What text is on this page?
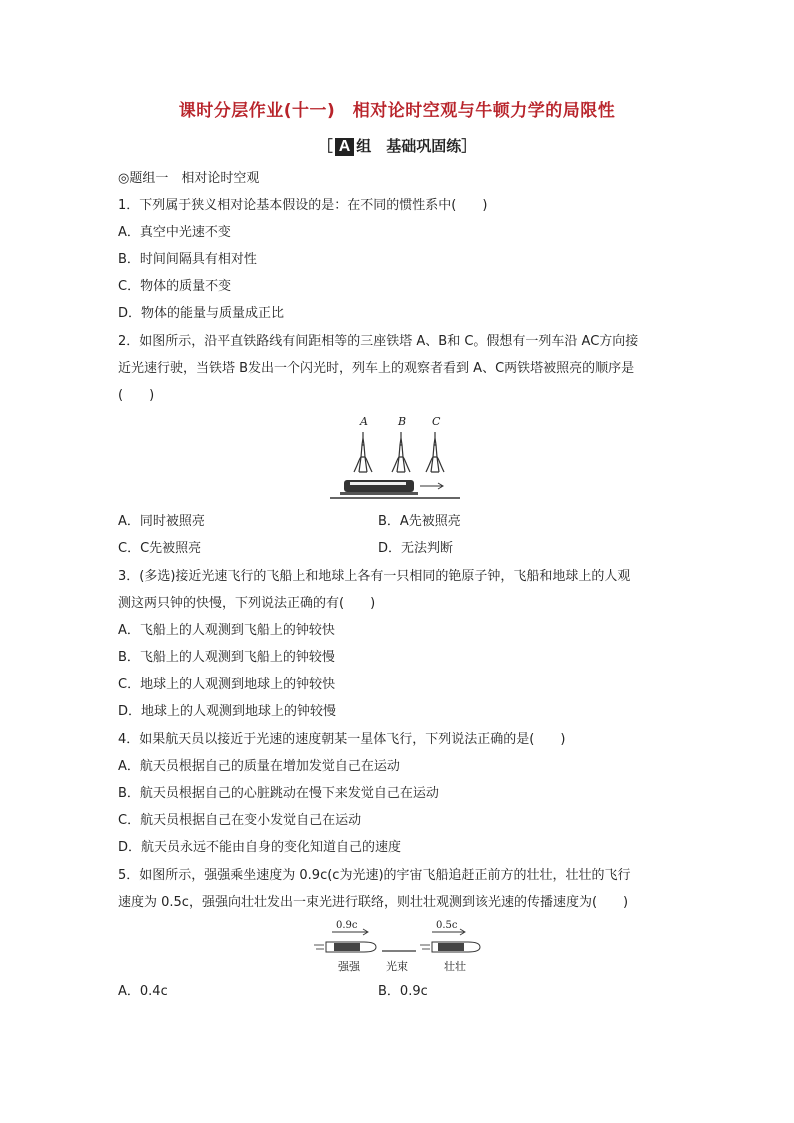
课时分层作业(十一)　相对论时空观与牛顿力学的局限性
［ A 组　基础巩固练］
◎题组一　相对论时空观
1．下列属于狭义相对论基本假设的是：在不同的惯性系中(　　)
A．真空中光速不变
B．时间间隔具有相对性
C．物体的质量不变
D．物体的能量与质量成正比
2．如图所示，沿平直铁路线有间距相等的三座铁塔 A、B和 C。假想有一列车沿 AC方向接
近光速行驶，当铁塔 B发出一个闪光时，列车上的观察者看到 A、C两铁塔被照亮的顺序是
(　　)
A	B C
A．同时被照亮	B．A先被照亮
C．C先被照亮	D．无法判断
3．(多选)接近光速飞行的飞船上和地球上各有一只相同的铯原子钟，飞船和地球上的人观
测这两只钟的快慢，下列说法正确的有(　　)
A．飞船上的人观测到飞船上的钟较快
B．飞船上的人观测到飞船上的钟较慢
C．地球上的人观测到地球上的钟较快
D．地球上的人观测到地球上的钟较慢
4．如果航天员以接近于光速的速度朝某一星体飞行，下列说法正确的是(　　)
A．航天员根据自己的质量在增加发觉自己在运动
B．航天员根据自己的心脏跳动在慢下来发觉自己在运动
C．航天员根据自己在变小发觉自己在运动
D．航天员永远不能由自身的变化知道自己的速度
5．如图所示，强强乘坐速度为 0.9c(c为光速)的宇宙飞船追赶正前方的壮壮，壮壮的飞行
速度为 0.5c，强强向壮壮发出一束光进行联络，则壮壮观测到该光速的传播速度为(　　)
0.9c	0.5c
强强 光束	壮壮
A．0.4c	B．0.9c
